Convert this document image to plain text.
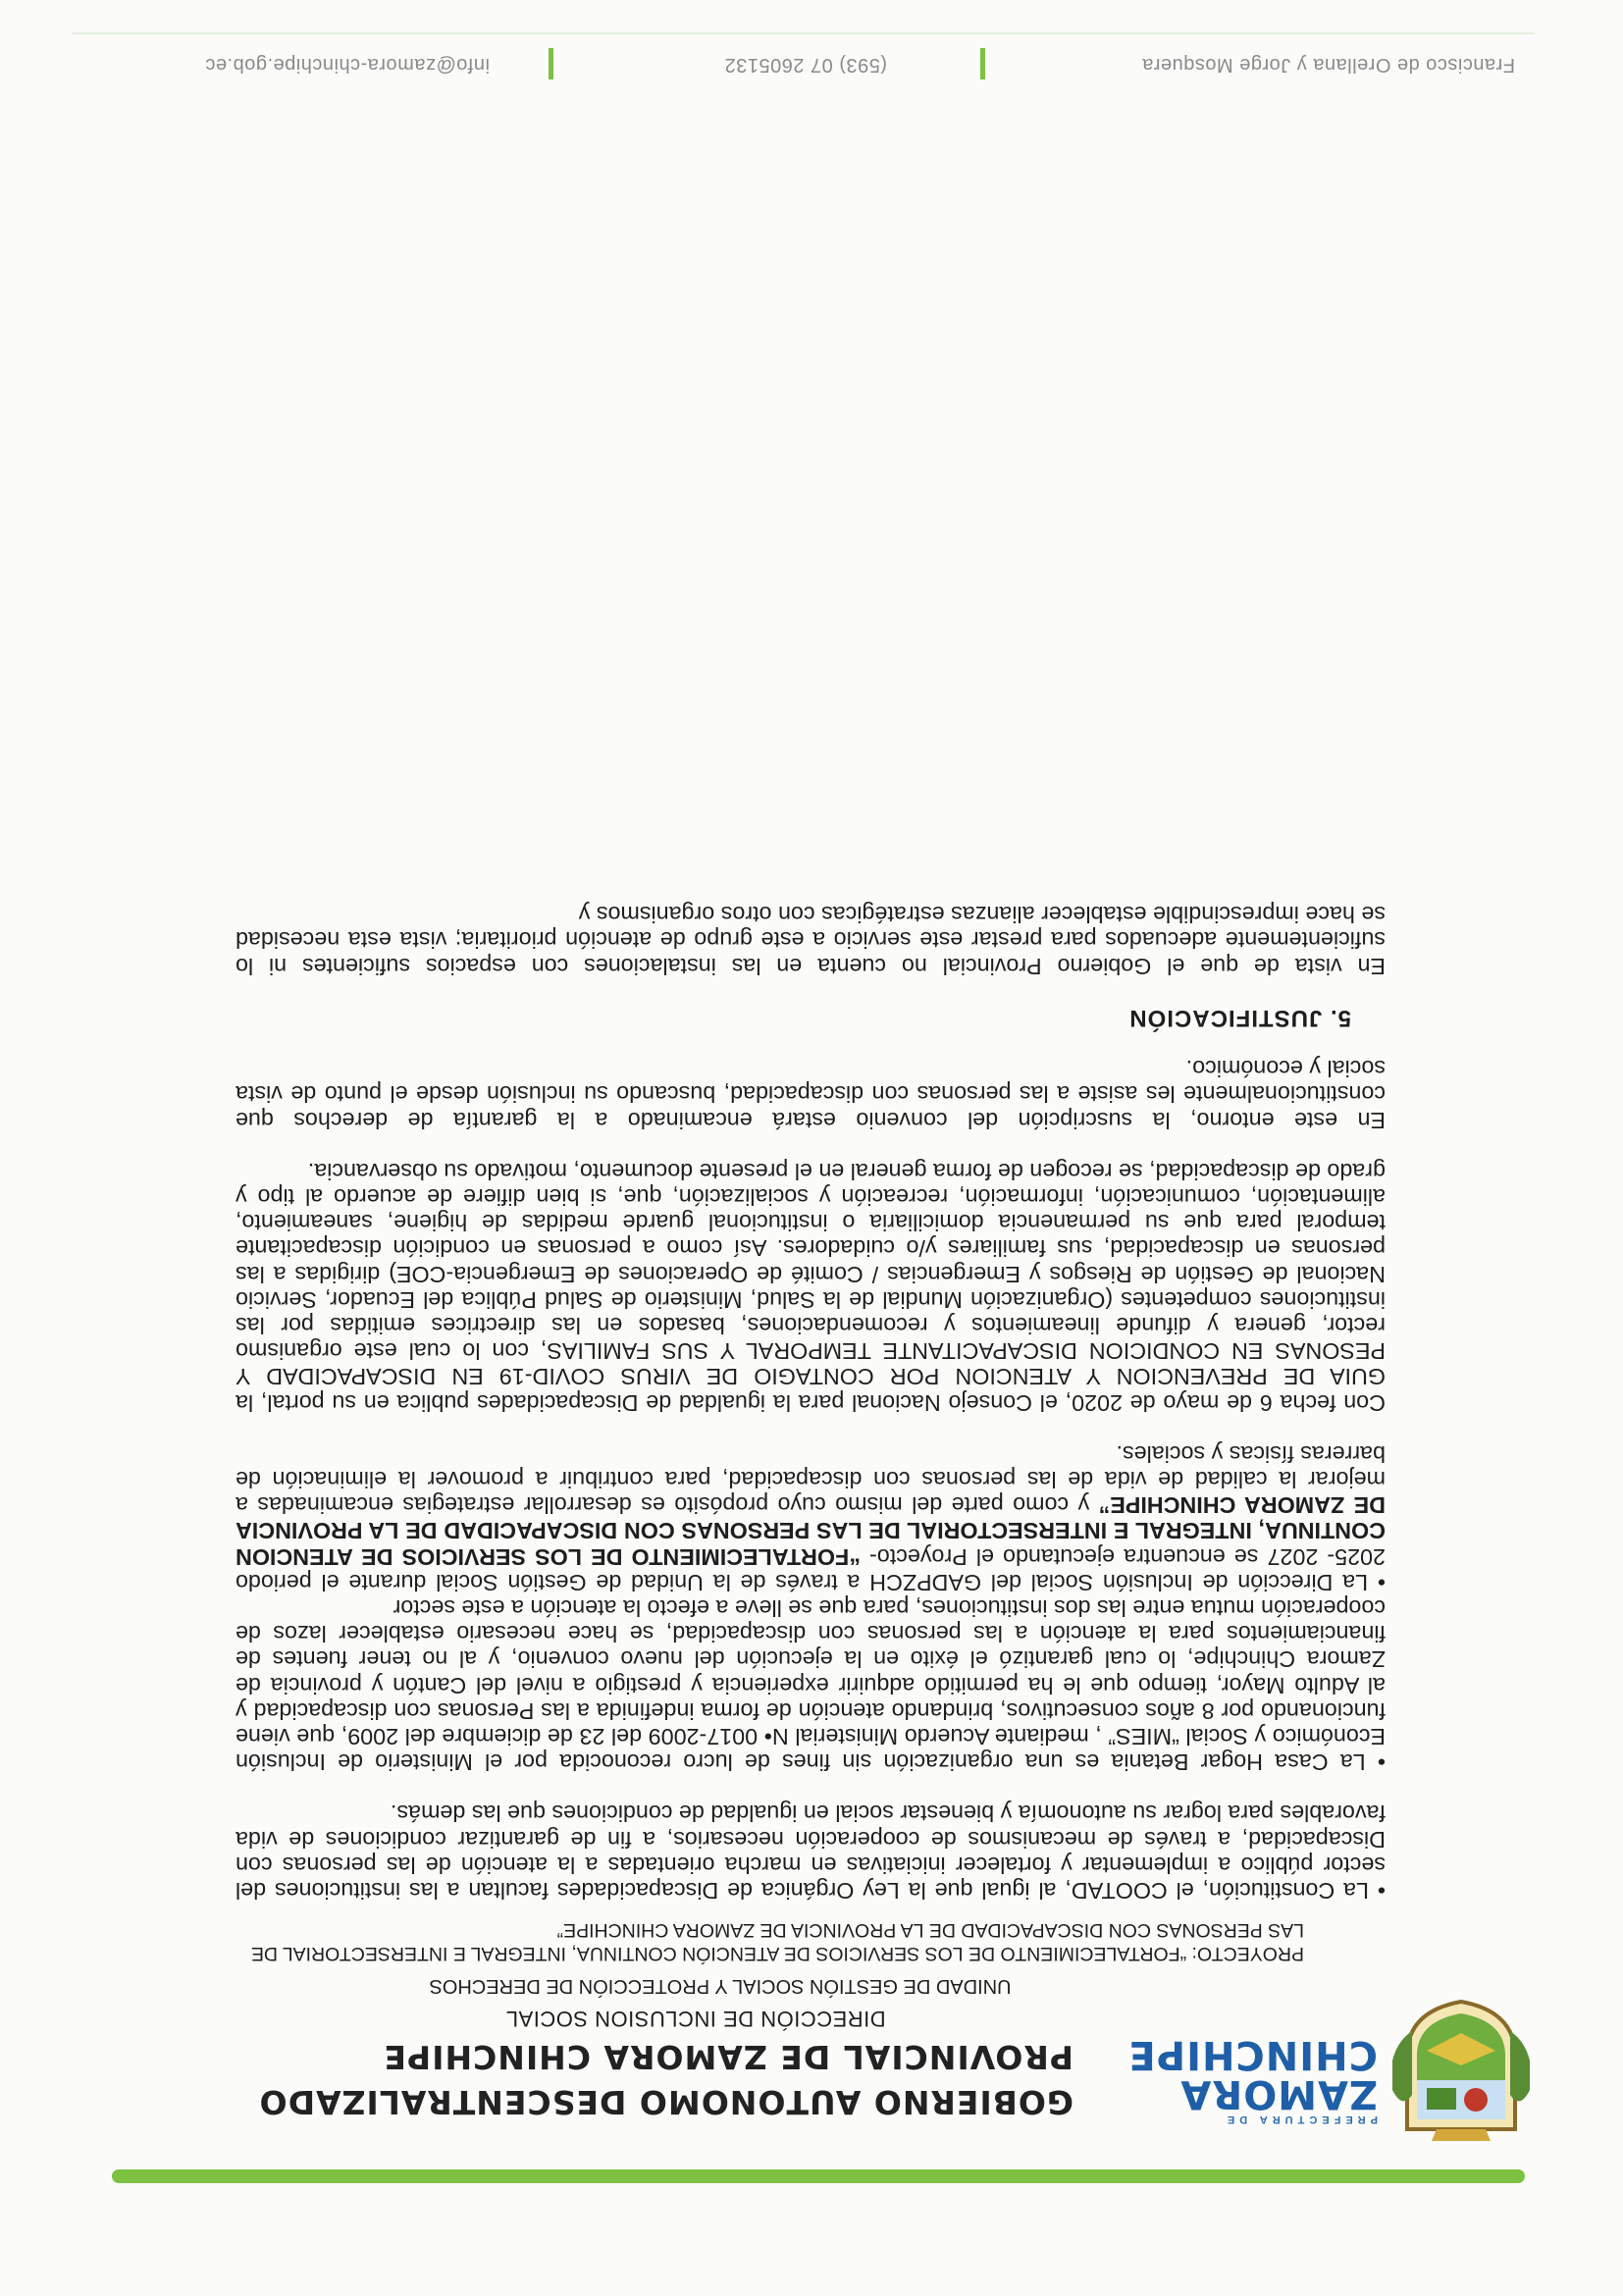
PREFECTURA DE
ZAMORA
CHINCHIPE
GOBIERNO AUTONOMO DESCENTRALIZADO
PROVINCIAL DE ZAMORA CHINCHIPE
DIRECCIÓN DE INCLUSION SOCIAL
UNIDAD DE GESTIÓN SOCIAL Y PROTECCIÓN DE DERECHOS
PROYECTO: “FORTALECIMIENTO DE LOS SERVICIOS DE ATENCIÓN CONTINUA, INTEGRAL E INTERSECTORIAL DE LAS PERSONAS CON DISCAPACIDAD DE LA PROVINCIA DE ZAMORA CHINCHIPE”

• La Constitución, el COOTAD, al igual que la Ley Orgánica de Discapacidades facultan a las instituciones del sector público a implementar y fortalecer iniciativas en marcha orientadas a la atención de las personas con Discapacidad, a través de mecanismos de cooperación necesarios, a fin de garantizar condiciones de vida favorables para lograr su autonomía y bienestar social en igualdad de condiciones que las demás.

• La Casa Hogar Betania es una organización sin fines de lucro reconocida por el Ministerio de Inclusión Económico y Social “MIES” , mediante Acuerdo Ministerial N• 0017-2009 del 23 de diciembre del 2009, que viene funcionando por 8 años consecutivos, brindando atención de forma indefinida a las Personas con discapacidad y al Adulto Mayor, tiempo que le ha permitido adquirir experiencia y prestigio a nivel del Cantón y provincia de Zamora Chinchipe, lo cual garantizó el éxito en la ejecución del nuevo convenio, y al no tener fuentes de financiamientos para la atención a las personas con discapacidad, se hace necesario establecer lazos de cooperación mutua entre las dos instituciones, para que se lleve a efecto la atención a este sector

• La Dirección de Inclusión Social del GADPZCH a través de la Unidad de Gestión Social durante el periodo 2025- 2027 se encuentra ejecutando el Proyecto- “FORTALECIMIENTO DE LOS SERVICIOS DE ATENCION CONTINUA, INTEGRAL E INTERSECTORIAL DE LAS PERSONAS CON DISCAPACIDAD DE LA PROVINCIA DE ZAMORA CHINCHIPE” y como parte del mismo cuyo propósito es desarrollar estrategias encaminadas a mejorar la calidad de vida de las personas con discapacidad, para contribuir a promover la eliminación de barreras físicas y sociales.

Con fecha 6 de mayo de 2020, el Consejo Nacional para la igualdad de Discapacidades publica en su portal, la GUIA DE PREVENCION Y ATENCION POR CONTAGIO DE VIRUS COVID-19 EN DISCAPACIDAD Y PESONAS EN CONDICION DISCAPACITANTE TEMPORAL Y SUS FAMILIAS, con lo cual este organismo rector, genera y difunde lineamientos y recomendaciones, basados en las directrices emitidas por las instituciones competentes (Organización Mundial de la Salud, Ministerio de Salud Pública del Ecuador, Servicio Nacional de Gestión de Riesgos y Emergencias / Comité de Operaciones de Emergencia-COE) dirigidas a las personas en discapacidad, sus familiares y/o cuidadores. Así como a personas en condición discapacitante temporal para que su permanencia domiciliaria o institucional guarde medidas de higiene, saneamiento, alimentación, comunicación, información, recreación y socialización, que, si bien difiere de acuerdo al tipo y grado de discapacidad, se recogen de forma general en el presente documento, motivado su observancia.

En este entorno, la suscripción del convenio estará encaminado a la garantía de derechos que constitucionalmente les asiste a las personas con discapacidad, buscando su inclusión desde el punto de vista social y económico.

5. JUSTIFICACIÓN

En vista de que el Gobierno Provincial no cuenta en las instalaciones con espacios suficientes ni lo suficientemente adecuados para prestar este servicio a este grupo de atención prioritaria; vista esta necesidad se hace imprescindible establecer alianzas estratégicas con otros organismos y

Francisco de Orellana y Jorge Mosquera
(593) 07 2605132
info@zamora-chinchipe.gob.ec
